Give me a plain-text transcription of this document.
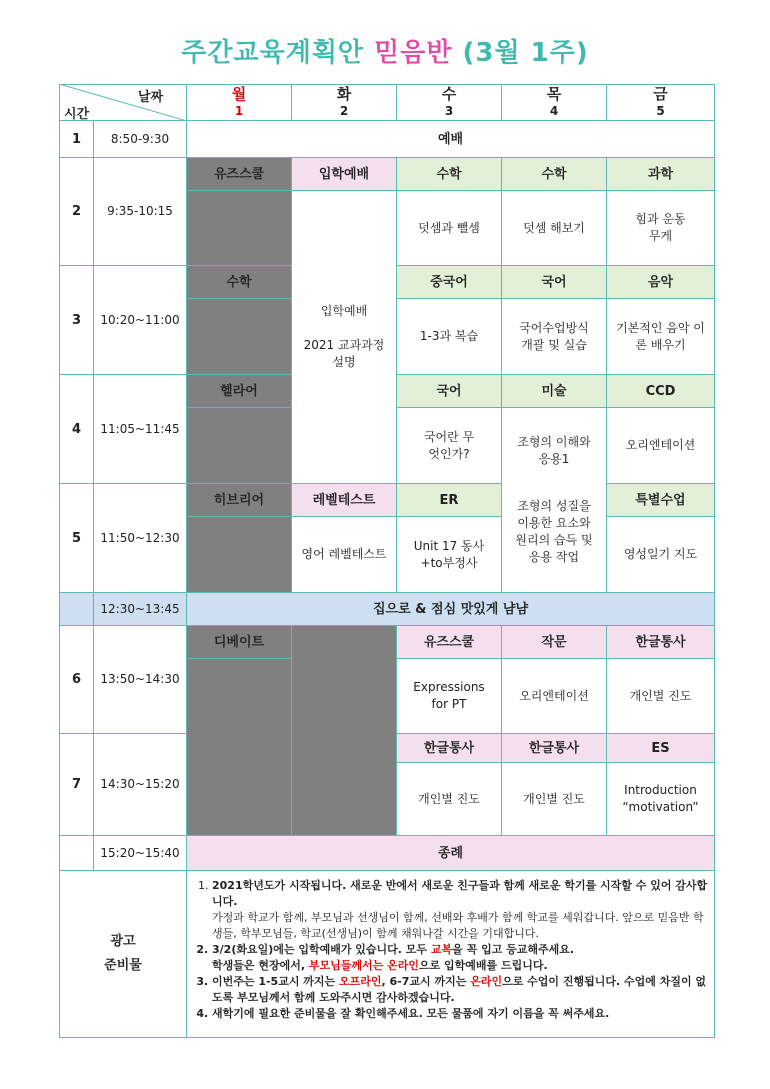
주간교육계획안 믿음반 (3월 1주)
날짜
시간
월
1
화
2
수
3
목
4
금
5
1
2
3
4
5
6
7
8:50-9:30
9:35-10:15
10:20~11:00
11:05~11:45
11:50~12:30
12:30~13:45
13:50~14:30
14:30~15:20
15:20~15:40
예배
유즈스쿨
수학
헬라어
히브리어
디베이트
입학예배
입학예배
2021 교과과정 설명
레벨테스트
영어 레벨테스트
수학
덧셈과 뺄셈
중국어
1-3과 복습
국어
국어란 무엇인가?
ER
Unit 17 동사+to부정사
유즈스쿨
Expressions for PT
한글통사
개인별 진도
수학
덧셈 해보기
국어
국어수업방식 개괄 및 실습
미술
조형의 이해와 응용1
조형의 성질을 이용한 요소와 원리의 습득 및 응용 작업
작문
오리엔테이션
한글통사
개인별 진도
과학
힘과 운동 무게
음악
기본적인 음악 이론 배우기
CCD
오리엔테이션
특별수업
영성일기 지도
한글통사
개인별 진도
ES
Introduction “motivation”
집으로 & 점심 맛있게 냠냠
종례
광고
준비물
1. 2021학년도가 시작됩니다. 새로운 반에서 새로운 친구들과 함께 새로운 학기를 시작할 수 있어 감사합니다.
가정과 학교가 함께, 부모님과 선생님이 함께, 선배와 후배가 함께 학교를 세워갑니다. 앞으로 믿음반 학생들, 학부모님들, 학교(선생님)이 함께 채워나갈 시간을 기대합니다.
2. 3/2(화요일)에는 입학예배가 있습니다. 모두 교복을 꼭 입고 등교해주세요.
학생들은 현장에서, 부모님들께서는 온라인으로 입학예배를 드립니다.
3. 이번주는 1-5교시 까지는 오프라인, 6-7교시 까지는 온라인으로 수업이 진행됩니다. 수업에 차질이 없도록 부모님께서 함께 도와주시면 감사하겠습니다.
4. 새학기에 필요한 준비물을 잘 확인해주세요. 모든 물품에 자기 이름을 꼭 써주세요.
